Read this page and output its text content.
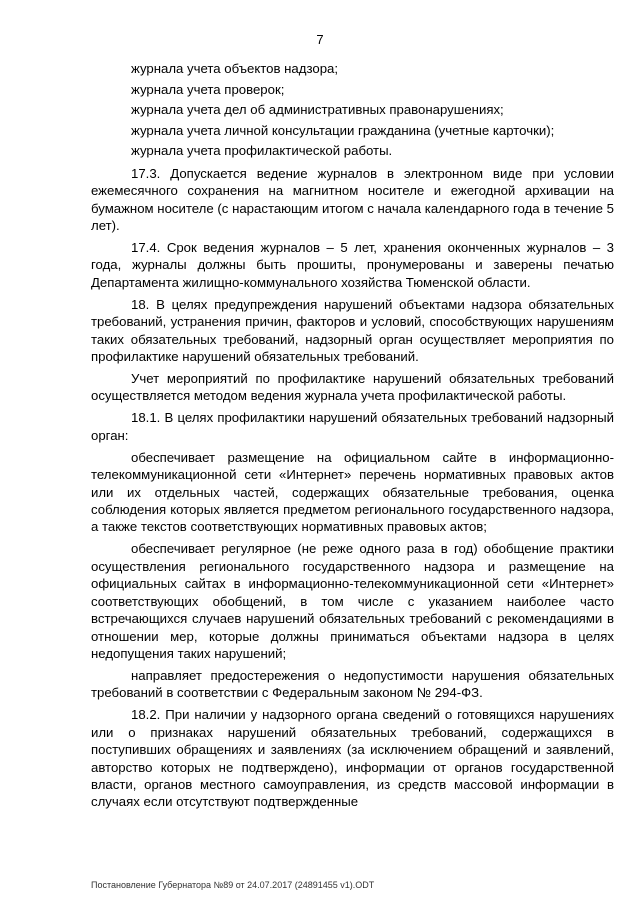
7

журнала учета объектов надзора;

журнала учета проверок;

журнала учета дел об административных правонарушениях;

журнала учета личной консультации гражданина (учетные карточки);

журнала учета профилактической работы.

17.3. Допускается ведение журналов в электронном виде при условии ежемесячного сохранения на магнитном носителе и ежегодной архивации на бумажном носителе (с нарастающим итогом с начала календарного года в течение 5 лет).

17.4. Срок ведения журналов – 5 лет, хранения оконченных журналов – 3 года, журналы должны быть прошиты, пронумерованы и заверены печатью Департамента жилищно-коммунального хозяйства Тюменской области.

18. В целях предупреждения нарушений объектами надзора обязательных требований, устранения причин, факторов и условий, способствующих нарушениям таких обязательных требований, надзорный орган осуществляет мероприятия по профилактике нарушений обязательных требований.

Учет мероприятий по профилактике нарушений обязательных требований осуществляется методом ведения журнала учета профилактической работы.

18.1. В целях профилактики нарушений обязательных требований надзорный орган:

обеспечивает размещение на официальном сайте в информационно-телекоммуникационной сети «Интернет» перечень нормативных правовых актов или их отдельных частей, содержащих обязательные требования, оценка соблюдения которых является предметом регионального государственного надзора, а также текстов соответствующих нормативных правовых актов;

обеспечивает регулярное (не реже одного раза в год) обобщение практики осуществления регионального государственного надзора и размещение на официальных сайтах в информационно-телекоммуникационной сети «Интернет» соответствующих обобщений, в том числе с указанием наиболее часто встречающихся случаев нарушений обязательных требований с рекомендациями в отношении мер, которые должны приниматься объектами надзора в целях недопущения таких нарушений;

направляет предостережения о недопустимости нарушения обязательных требований в соответствии с Федеральным законом № 294-ФЗ.

18.2. При наличии у надзорного органа сведений о готовящихся нарушениях или о признаках нарушений обязательных требований, содержащихся в поступивших обращениях и заявлениях (за исключением обращений и заявлений, авторство которых не подтверждено), информации от органов государственной власти, органов местного самоуправления, из средств массовой информации в случаях если отсутствуют подтвержденные

Постановление Губернатора №89 от 24.07.2017 (24891455 v1).ODT
